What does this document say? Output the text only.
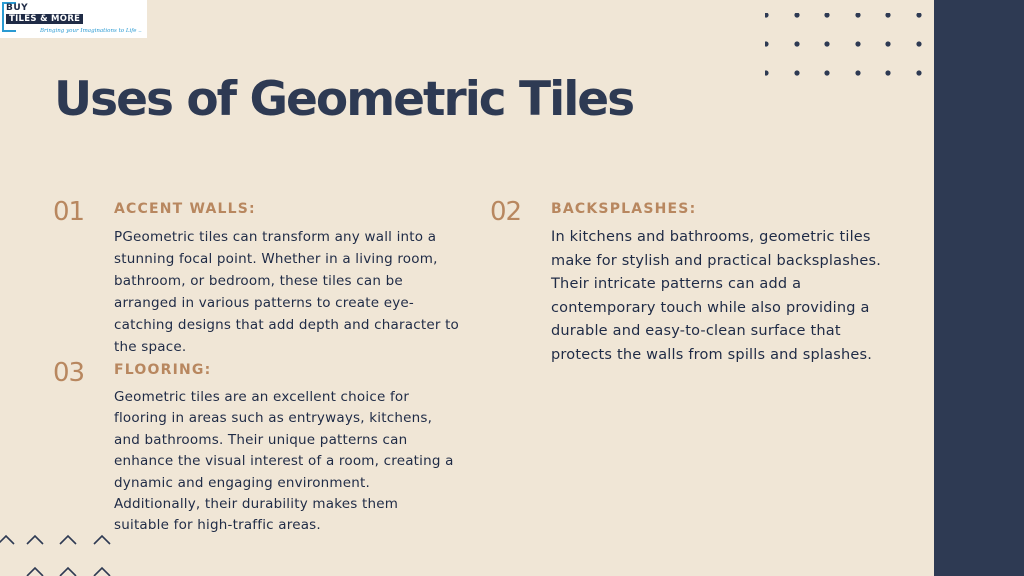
BUY
TILES & MORE
Bringing your Imaginations to Life ..
Uses of Geometric Tiles
01 ACCENT WALLS:

PGeometric tiles can transform any wall into a stunning focal point. Whether in a living room, bathroom, or bedroom, these tiles can be arranged in various patterns to create eye-catching designs that add depth and character to the space.

02 BACKSPLASHES:

In kitchens and bathrooms, geometric tiles make for stylish and practical backsplashes. Their intricate patterns can add a contemporary touch while also providing a durable and easy-to-clean surface that protects the walls from spills and splashes.

03 FLOORING:

Geometric tiles are an excellent choice for flooring in areas such as entryways, kitchens, and bathrooms. Their unique patterns can enhance the visual interest of a room, creating a dynamic and engaging environment. Additionally, their durability makes them suitable for high-traffic areas.
